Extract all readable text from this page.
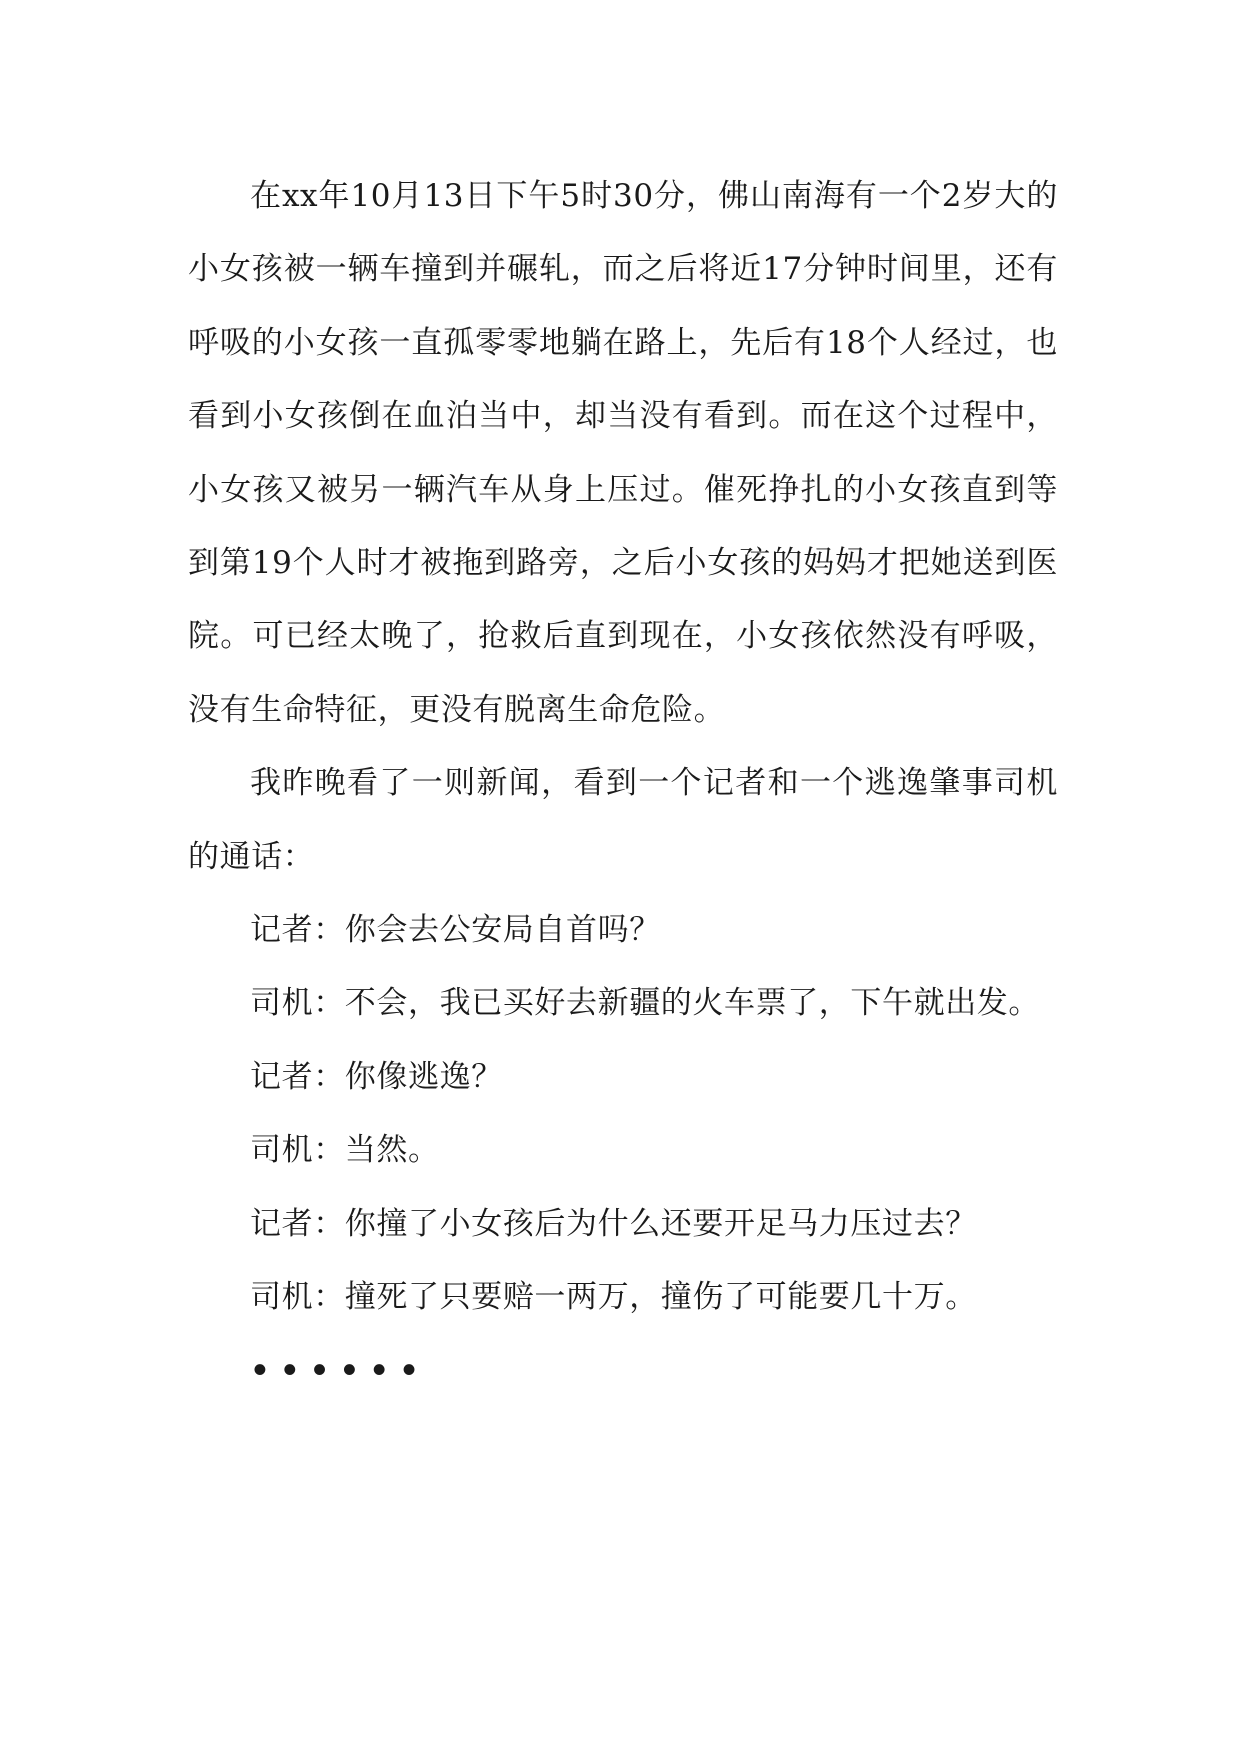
在xx年10月13日下午5时30分，佛山南海有一个2岁大的小女孩被一辆车撞到并碾轧，而之后将近17分钟时间里，还有呼吸的小女孩一直孤零零地躺在路上，先后有18个人经过，也看到小女孩倒在血泊当中，却当没有看到。而在这个过程中，小女孩又被另一辆汽车从身上压过。催死挣扎的小女孩直到等到第19个人时才被拖到路旁，之后小女孩的妈妈才把她送到医院。可已经太晚了，抢救后直到现在，小女孩依然没有呼吸，没有生命特征，更没有脱离生命危险。

我昨晚看了一则新闻，看到一个记者和一个逃逸肇事司机的通话：

记者：你会去公安局自首吗？

司机：不会，我已买好去新疆的火车票了，下午就出发。

记者：你像逃逸？

司机：当然。

记者：你撞了小女孩后为什么还要开足马力压过去？

司机：撞死了只要赔一两万，撞伤了可能要几十万。

••••••
